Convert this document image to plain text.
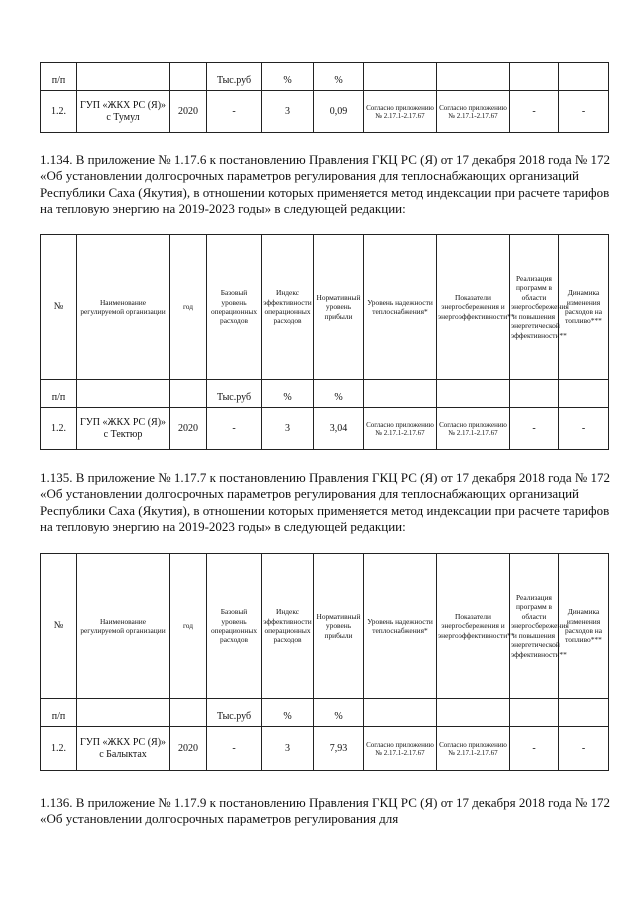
п/п			Тыс.руб	%	%				
1.2.	ГУП «ЖКХ РС (Я)» с Тумул	2020	-	3	0,09	Согласно приложению № 2.17.1-2.17.67	Согласно приложению № 2.17.1-2.17.67	-	-

1.134. В приложение № 1.17.6 к постановлению Правления ГКЦ РС (Я) от 17 декабря 2018 года № 172 «Об установлении долгосрочных параметров регулирования для теплоснабжающих организаций Республики Саха (Якутия), в отношении которых применяется метод индексации при расчете тарифов на тепловую энергию на 2019-2023 годы» в следующей редакции:

№	Наименование регулируемой организации	год	Базовый уровень операционных расходов	Индекс эффективности операционных расходов	Нормативный уровень прибыли	Уровень надежности теплоснабжения*	Показатели энергосбережения и энергоэффективности**	Реализация программ в области энергосбережения и повышения энергетической эффективности**	Динамика изменения расходов на топливо***
п/п			Тыс.руб	%	%				
1.2.	ГУП «ЖКХ РС (Я)» с Тектюр	2020	-	3	3,04	Согласно приложению № 2.17.1-2.17.67	Согласно приложению № 2.17.1-2.17.67	-	-

1.135. В приложение № 1.17.7 к постановлению Правления ГКЦ РС (Я) от 17 декабря 2018 года № 172 «Об установлении долгосрочных параметров регулирования для теплоснабжающих организаций Республики Саха (Якутия), в отношении которых применяется метод индексации при расчете тарифов на тепловую энергию на 2019-2023 годы» в следующей редакции:

№	Наименование регулируемой организации	год	Базовый уровень операционных расходов	Индекс эффективности операционных расходов	Нормативный уровень прибыли	Уровень надежности теплоснабжения*	Показатели энергосбережения и энергоэффективности**	Реализация программ в области энергосбережения и повышения энергетической эффективности**	Динамика изменения расходов на топливо***
п/п			Тыс.руб	%	%				
1.2.	ГУП «ЖКХ РС (Я)» с Балыктах	2020	-	3	7,93	Согласно приложению № 2.17.1-2.17.67	Согласно приложению № 2.17.1-2.17.67	-	-

1.136. В приложение № 1.17.9 к постановлению Правления ГКЦ РС (Я) от 17 декабря 2018 года № 172 «Об установлении долгосрочных параметров регулирования для
